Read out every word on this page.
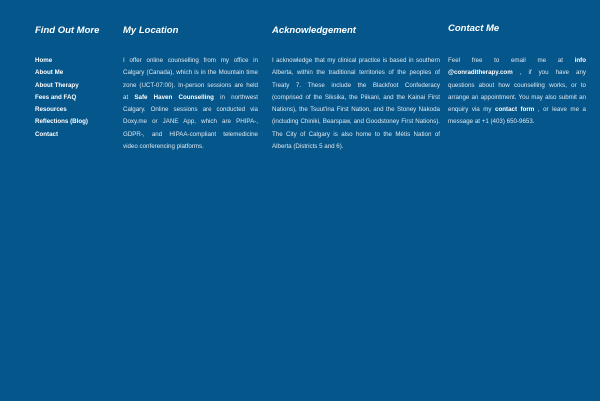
Find Out More
Home
About Me
About Therapy
Fees and FAQ
Resources
Reflections (Blog)
Contact
My Location
I offer online counselling from my office in Calgary (Canada), which is in the Mountain time zone (UCT-07:00). In-person sessions are held at Safe Haven Counselling in northwest Calgary. Online sessions are conducted via Doxy.me or JANE App, which are PHIPA-, GDPR-, and HIPAA-compliant telemedicine video conferencing platforms.
Acknowledgement
I acknowledge that my clinical practice is based in southern Alberta, within the traditional territories of the peoples of Treaty 7. These include the Blackfoot Confederacy (comprised of the Siksika, the Piikani, and the Kainai First Nations), the Tsuut'ina First Nation, and the Stoney Nakoda (including Chiniki, Bearspaw, and Goodstoney First Nations). The City of Calgary is also home to the Métis Nation of Alberta (Districts 5 and 6).
Contact Me
Feel free to email me at info @conraditherapy.com , if you have any questions about how counselling works, or to arrange an appointment. You may also submit an enquiry via my contact form , or leave me a message at +1 (403) 650-9653.
